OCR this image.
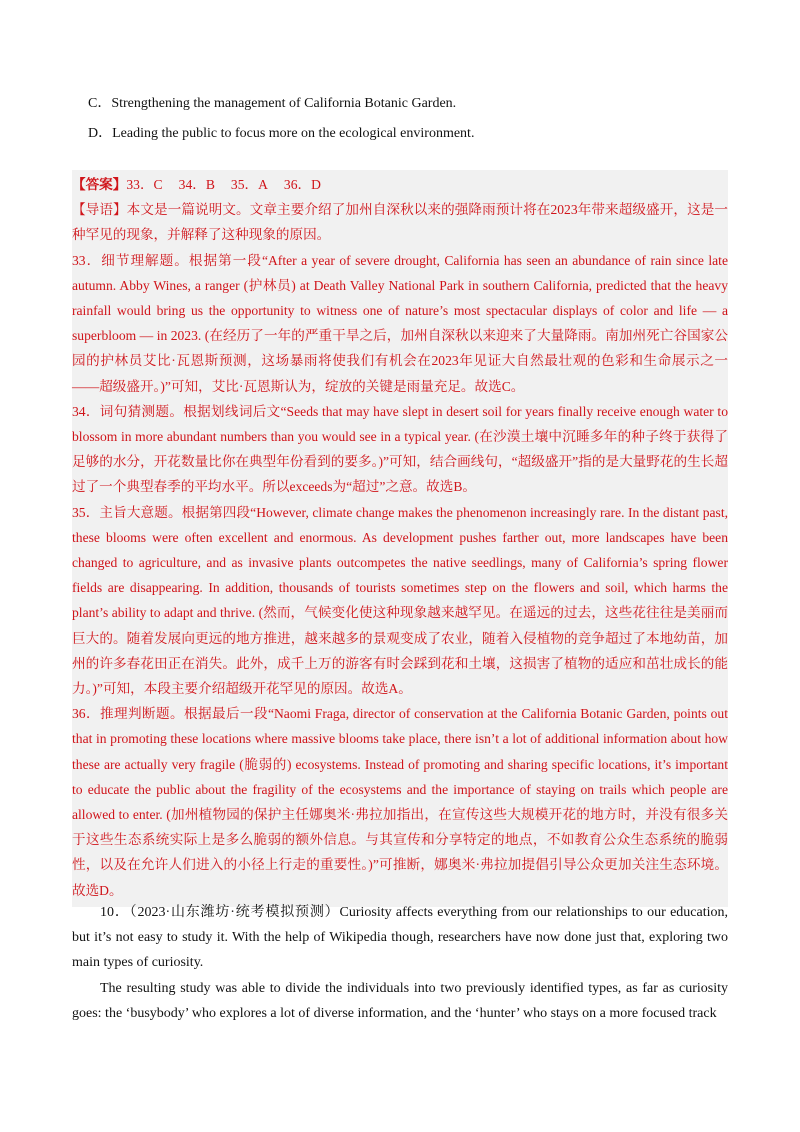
C．Strengthening the management of California Botanic Garden.

D．Leading the public to focus more on the ecological environment.

【答案】33．C 34．B 35．A 36．D

【导语】本文是一篇说明文。文章主要介绍了加州自深秋以来的强降雨预计将在2023年带来超级盛开，这是一种罕见的现象，并解释了这种现象的原因。

33．细节理解题。根据第一段“After a year of severe drought, California has seen an abundance of rain since late autumn. Abby Wines, a ranger (护林员) at Death Valley National Park in southern California, predicted that the heavy rainfall would bring us the opportunity to witness one of nature’s most spectacular displays of color and life — a superbloom — in 2023. (在经历了一年的严重干旱之后，加州自深秋以来迎来了大量降雨。南加州死亡谷国家公园的护林员艾比·瓦恩斯预测，这场暴雨将使我们有机会在2023年见证大自然最壮观的色彩和生命展示之一——超级盛开。)”可知，艾比·瓦恩斯认为，绽放的关键是雨量充足。故选C。

34．词句猜测题。根据划线词后文“Seeds that may have slept in desert soil for years finally receive enough water to blossom in more abundant numbers than you would see in a typical year. (在沙漠土壤中沉睡多年的种子终于获得了足够的水分，开花数量比你在典型年份看到的要多。)”可知，结合画线句，“超级盛开”指的是大量野花的生长超过了一个典型春季的平均水平。所以exceeds为“超过”之意。故选B。

35．主旨大意题。根据第四段“However, climate change makes the phenomenon increasingly rare. In the distant past, these blooms were often excellent and enormous. As development pushes farther out, more landscapes have been changed to agriculture, and as invasive plants outcompetes the native seedlings, many of California’s spring flower fields are disappearing. In addition, thousands of tourists sometimes step on the flowers and soil, which harms the plant’s ability to adapt and thrive. (然而，气候变化使这种现象越来越罕见。在遥远的过去，这些花往往是美丽而巨大的。随着发展向更远的地方推进，越来越多的景观变成了农业，随着入侵植物的竞争超过了本地幼苗，加州的许多春花田正在消失。此外，成千上万的游客有时会踩到花和土壤，这损害了植物的适应和茁壮成长的能力。)”可知，本段主要介绍超级开花罕见的原因。故选A。

36．推理判断题。根据最后一段“Naomi Fraga, director of conservation at the California Botanic Garden, points out that in promoting these locations where massive blooms take place, there isn’t a lot of additional information about how these are actually very fragile (脆弱的) ecosystems. Instead of promoting and sharing specific locations, it’s important to educate the public about the fragility of the ecosystems and the importance of staying on trails which people are allowed to enter. (加州植物园的保护主任娜奥米·弗拉加指出，在宣传这些大规模开花的地方时，并没有很多关于这些生态系统实际上是多么脆弱的额外信息。与其宣传和分享特定的地点，不如教育公众生态系统的脆弱性，以及在允许人们进入的小径上行走的重要性。)”可推断，娜奥米·弗拉加提倡引导公众更加关注生态环境。故选D。

10．（2023·山东潍坊·统考模拟预测）Curiosity affects everything from our relationships to our education, but it’s not easy to study it. With the help of Wikipedia though, researchers have now done just that, exploring two main types of curiosity.

The resulting study was able to divide the individuals into two previously identified types, as far as curiosity goes: the ‘busybody’ who explores a lot of diverse information, and the ‘hunter’ who stays on a more focused track
